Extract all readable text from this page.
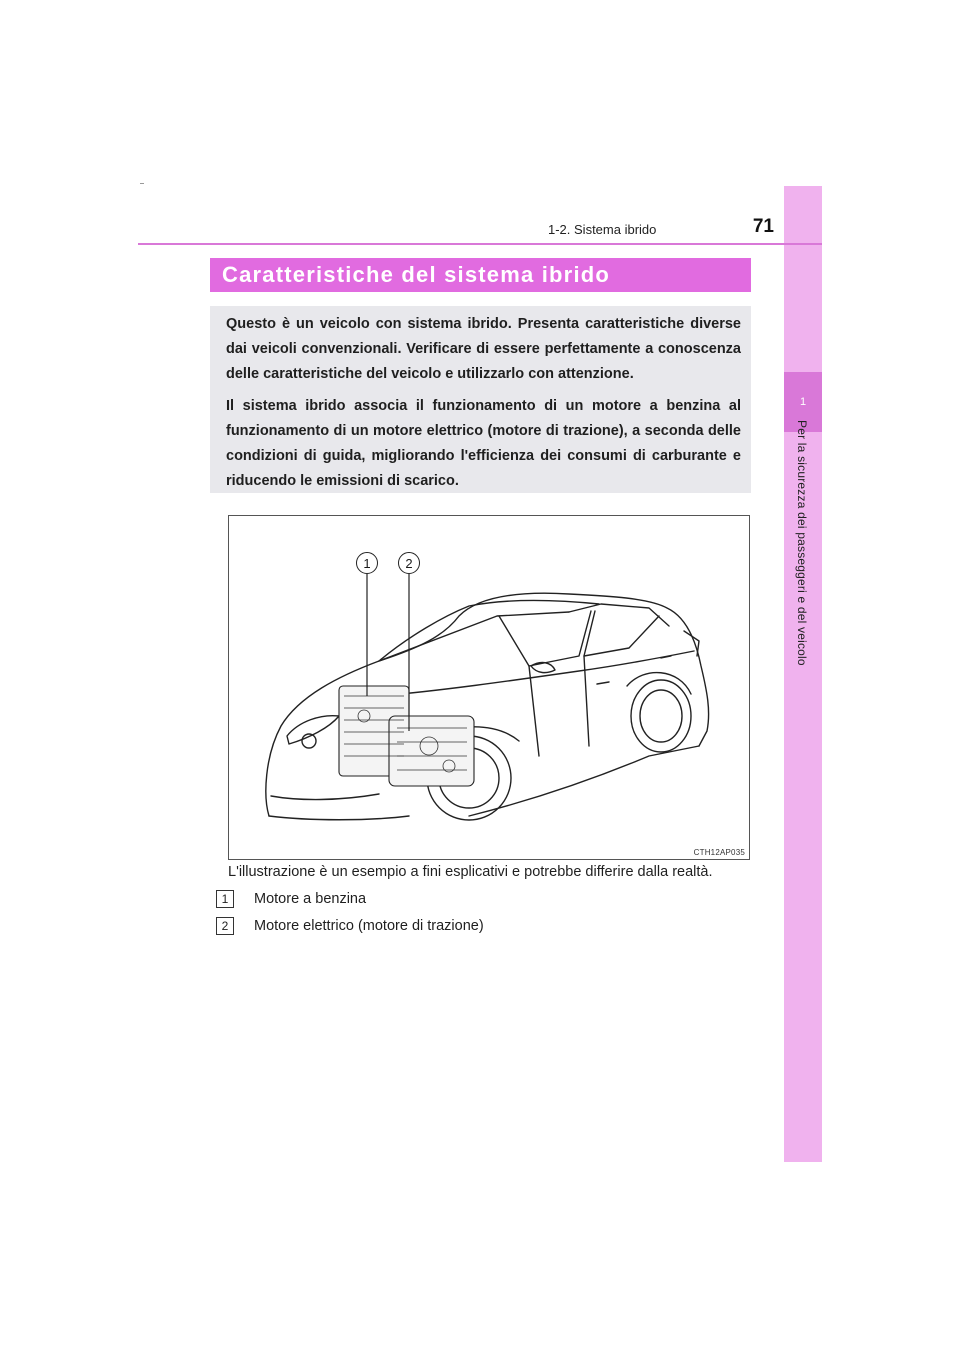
1
Per la sicurezza dei passeggeri e del veicolo
1-2. Sistema ibrido	71
Caratteristiche del sistema ibrido

Questo è un veicolo con sistema ibrido. Presenta caratteristiche diverse dai veicoli convenzionali. Verificare di essere perfettamente a conoscenza delle caratteristiche del veicolo e utilizzarlo con attenzione.

Il sistema ibrido associa il funzionamento di un motore a benzina al funzionamento di un motore elettrico (motore di trazione), a seconda delle condizioni di guida, migliorando l'efficienza dei consumi di carburante e riducendo le emissioni di scarico.

1	2
CTH12AP035
L'illustrazione è un esempio a fini esplicativi e potrebbe differire dalla realtà.
1	Motore a benzina
2	Motore elettrico (motore di trazione)
